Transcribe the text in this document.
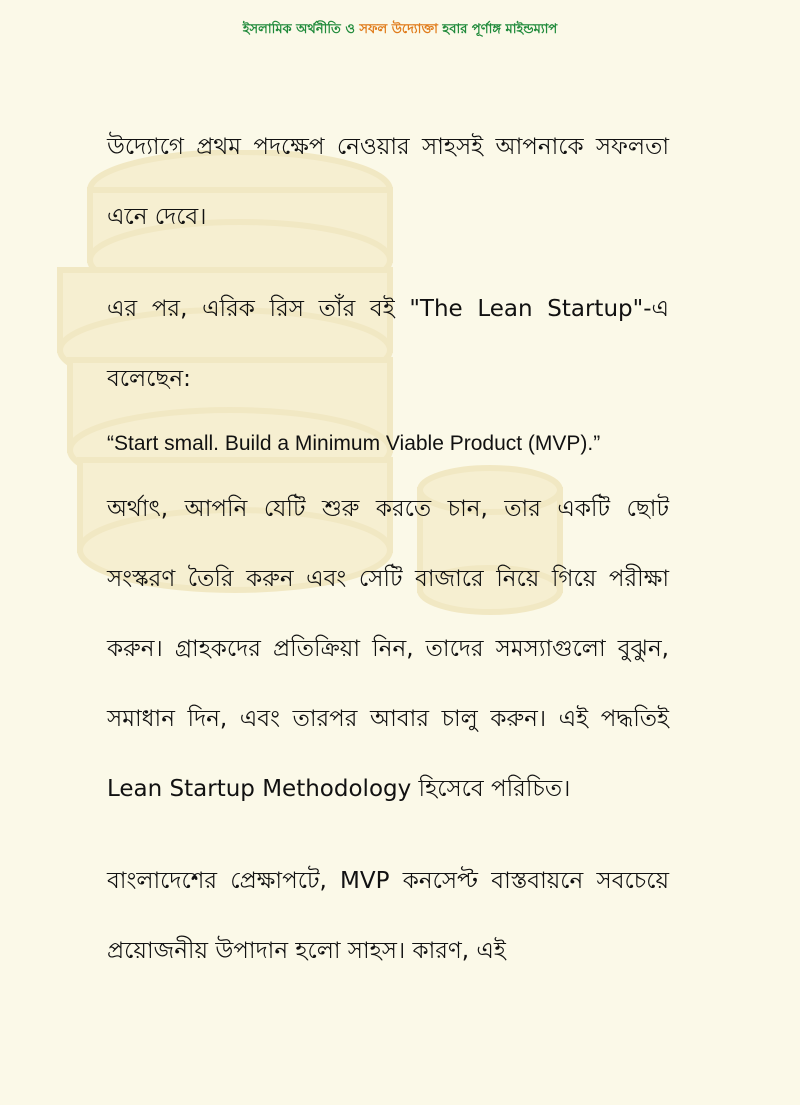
ইসলামিক অর্থনীতি ও সফল উদ্যোক্তা হবার পূর্ণাঙ্গ মাইন্ডম্যাপ

উদ্যোগে প্রথম পদক্ষেপ নেওয়ার সাহসই আপনাকে সফলতা এনে দেবে।

এর পর, এরিক রিস তাঁর বই "The Lean Startup"-এ বলেছেন:

“Start small. Build a Minimum Viable Product (MVP).”

অর্থাৎ, আপনি যেটি শুরু করতে চান, তার একটি ছোট সংস্করণ তৈরি করুন এবং সেটি বাজারে নিয়ে গিয়ে পরীক্ষা করুন। গ্রাহকদের প্রতিক্রিয়া নিন, তাদের সমস্যাগুলো বুঝুন, সমাধান দিন, এবং তারপর আবার চালু করুন। এই পদ্ধতিই Lean Startup Methodology হিসেবে পরিচিত।

বাংলাদেশের প্রেক্ষাপটে, MVP কনসেপ্ট বাস্তবায়নে সবচেয়ে প্রয়োজনীয় উপাদান হলো সাহস। কারণ, এই
